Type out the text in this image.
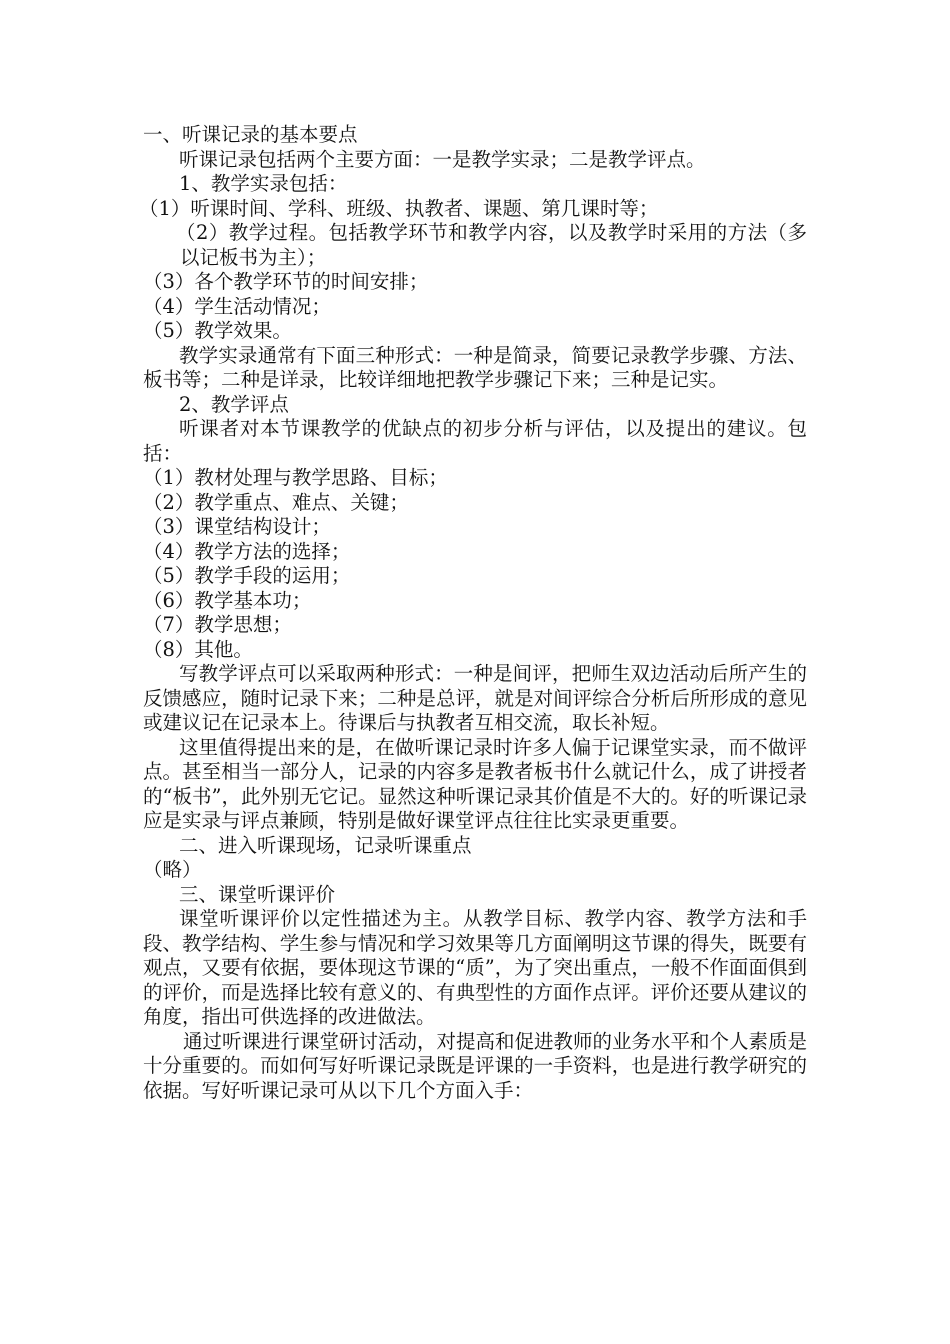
一、听课记录的基本要点

听课记录包括两个主要方面：一是教学实录；二是教学评点。

1、教学实录包括：

（1）听课时间、学科、班级、执教者、课题、第几课时等；

（2）教学过程。包括教学环节和教学内容，以及教学时采用的方法（多以记板书为主）；

（3）各个教学环节的时间安排；

（4）学生活动情况；

（5）教学效果。

教学实录通常有下面三种形式：一种是简录，简要记录教学步骤、方法、板书等；二种是详录，比较详细地把教学步骤记下来；三种是记实。

2、教学评点

听课者对本节课教学的优缺点的初步分析与评估，以及提出的建议。包括：

（1）教材处理与教学思路、目标；

（2）教学重点、难点、关键；

（3）课堂结构设计；

（4）教学方法的选择；

（5）教学手段的运用；

（6）教学基本功；

（7）教学思想；

（8）其他。

写教学评点可以采取两种形式：一种是间评，把师生双边活动后所产生的反馈感应，随时记录下来；二种是总评，就是对间评综合分析后所形成的意见或建议记在记录本上。待课后与执教者互相交流，取长补短。

这里值得提出来的是，在做听课记录时许多人偏于记课堂实录，而不做评点。甚至相当一部分人，记录的内容多是教者板书什么就记什么，成了讲授者的“板书”，此外别无它记。显然这种听课记录其价值是不大的。好的听课记录应是实录与评点兼顾，特别是做好课堂评点往往比实录更重要。

二、进入听课现场，记录听课重点

（略）

三、课堂听课评价

课堂听课评价以定性描述为主。从教学目标、教学内容、教学方法和手段、教学结构、学生参与情况和学习效果等几方面阐明这节课的得失，既要有观点，又要有依据，要体现这节课的“质”，为了突出重点，一般不作面面俱到的评价，而是选择比较有意义的、有典型性的方面作点评。评价还要从建议的角度，指出可供选择的改进做法。

通过听课进行课堂研讨活动，对提高和促进教师的业务水平和个人素质是十分重要的。而如何写好听课记录既是评课的一手资料，也是进行教学研究的依据。写好听课记录可从以下几个方面入手：
